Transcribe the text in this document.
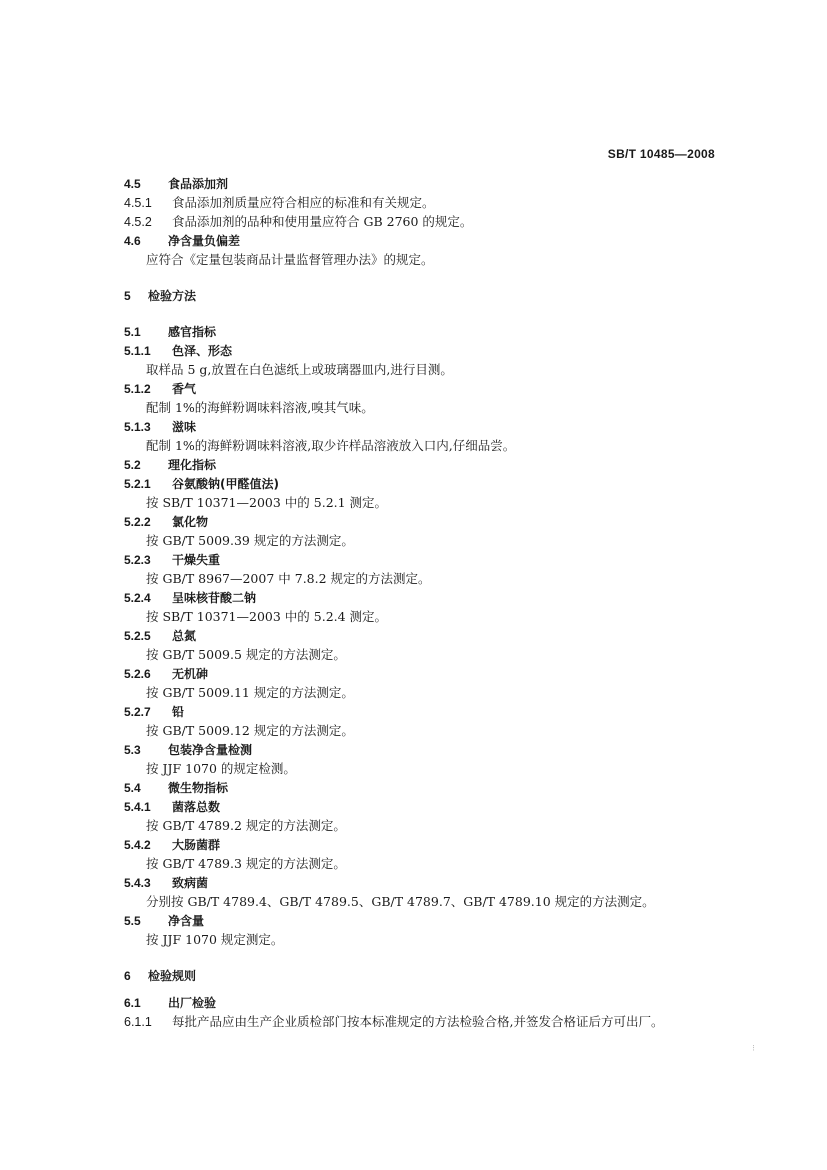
SB/T 10485—2008
4.5 食品添加剂
4.5.1 食品添加剂质量应符合相应的标准和有关规定。
4.5.2 食品添加剂的品种和使用量应符合 GB 2760 的规定。
4.6 净含量负偏差
应符合《定量包装商品计量监督管理办法》的规定。
5 检验方法
5.1 感官指标
5.1.1 色泽、形态
取样品 5 g,放置在白色滤纸上或玻璃器皿内,进行目测。
5.1.2 香气
配制 1%的海鲜粉调味料溶液,嗅其气味。
5.1.3 滋味
配制 1%的海鲜粉调味料溶液,取少许样品溶液放入口内,仔细品尝。
5.2 理化指标
5.2.1 谷氨酸钠(甲醛值法)
按 SB/T 10371—2003 中的 5.2.1 测定。
5.2.2 氯化物
按 GB/T 5009.39 规定的方法测定。
5.2.3 干燥失重
按 GB/T 8967—2007 中 7.8.2 规定的方法测定。
5.2.4 呈味核苷酸二钠
按 SB/T 10371—2003 中的 5.2.4 测定。
5.2.5 总氮
按 GB/T 5009.5 规定的方法测定。
5.2.6 无机砷
按 GB/T 5009.11 规定的方法测定。
5.2.7 铅
按 GB/T 5009.12 规定的方法测定。
5.3 包装净含量检测
按 JJF 1070 的规定检测。
5.4 微生物指标
5.4.1 菌落总数
按 GB/T 4789.2 规定的方法测定。
5.4.2 大肠菌群
按 GB/T 4789.3 规定的方法测定。
5.4.3 致病菌
分别按 GB/T 4789.4、GB/T 4789.5、GB/T 4789.7、GB/T 4789.10 规定的方法测定。
5.5 净含量
按 JJF 1070 规定测定。
6 检验规则
6.1 出厂检验
6.1.1 每批产品应由生产企业质检部门按本标准规定的方法检验合格,并签发合格证后方可出厂。
⁝
